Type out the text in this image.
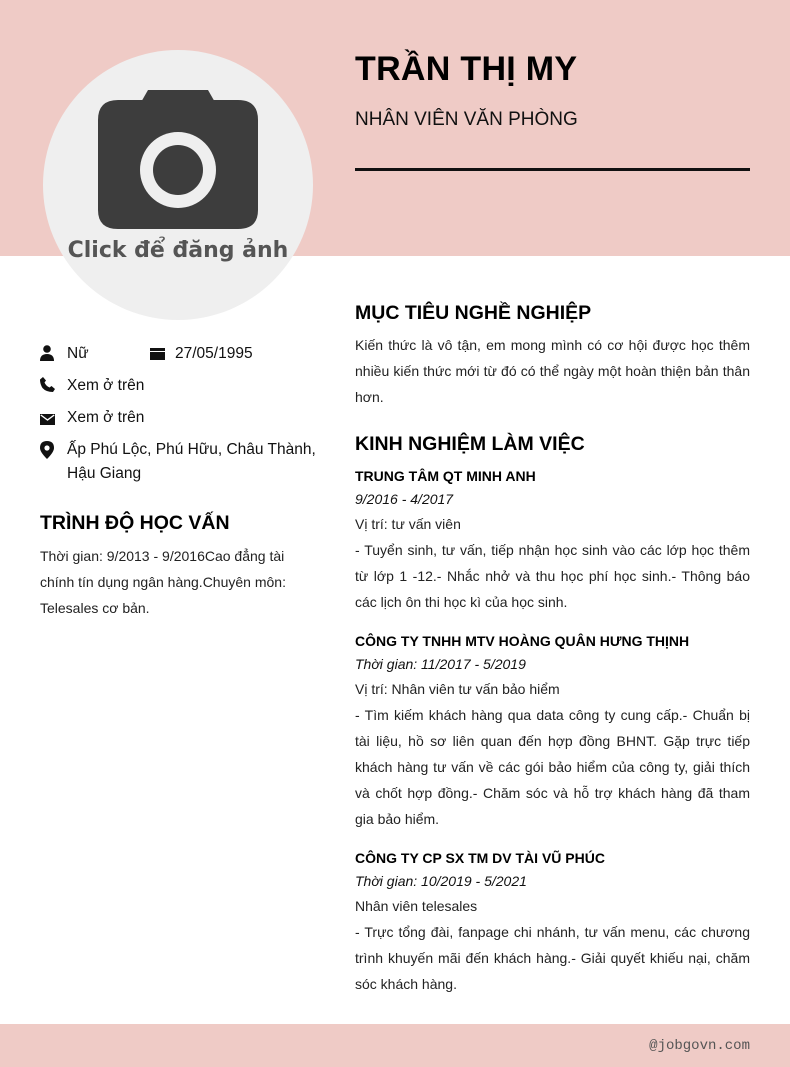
Click để đăng ảnh
TRẦN THỊ MY
NHÂN VIÊN VĂN PHÒNG
Nữ	27/05/1995
Xem ở trên
Xem ở trên
Ấp Phú Lộc, Phú Hữu, Châu Thành, Hậu Giang
TRÌNH ĐỘ HỌC VẤN
Thời gian: 9/2013 - 9/2016Cao đẳng tài chính tín dụng ngân hàng.Chuyên môn: Telesales cơ bản.
MỤC TIÊU NGHỀ NGHIỆP
Kiến thức là vô tận, em mong mình có cơ hội được học thêm nhiều kiến thức mới từ đó có thể ngày một hoàn thiện bản thân hơn.
KINH NGHIỆM LÀM VIỆC
TRUNG TÂM QT MINH ANH
9/2016 - 4/2017
Vị trí: tư vấn viên
- Tuyển sinh, tư vấn, tiếp nhận học sinh vào các lớp học thêm từ lớp 1 -12.- Nhắc nhở và thu học phí học sinh.- Thông báo các lịch ôn thi học kì của học sinh.
CÔNG TY TNHH MTV HOÀNG QUÂN HƯNG THỊNH
Thời gian: 11/2017 - 5/2019
Vị trí: Nhân viên tư vấn bảo hiểm
- Tìm kiếm khách hàng qua data công ty cung cấp.- Chuẩn bị tài liệu, hồ sơ liên quan đến hợp đồng BHNT. Gặp trực tiếp khách hàng tư vấn về các gói bảo hiểm của công ty, giải thích và chốt hợp đồng.- Chăm sóc và hỗ trợ khách hàng đã tham gia bảo hiểm.
CÔNG TY CP SX TM DV TÀI VŨ PHÚC
Thời gian: 10/2019 - 5/2021
Nhân viên telesales
- Trực tổng đài, fanpage chi nhánh, tư vấn menu, các chương trình khuyến mãi đến khách hàng.- Giải quyết khiếu nại, chăm sóc khách hàng.
@jobgovn.com
